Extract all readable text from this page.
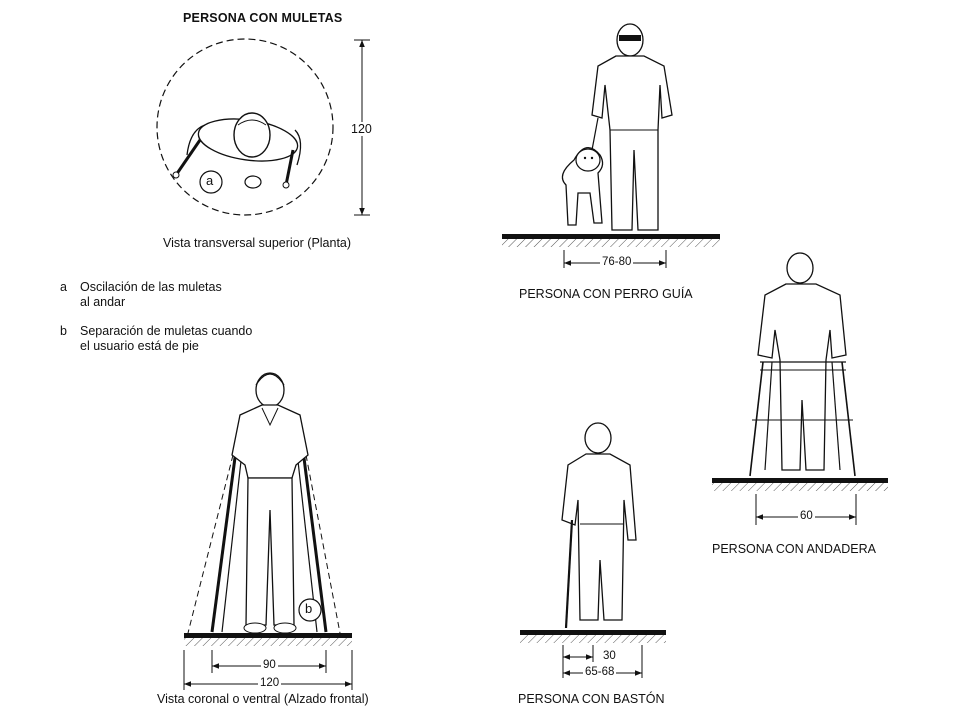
PERSONA CON MULETAS
Vista transversal superior (Planta)
120
a
b
a Oscilación de las muletas
al andar
b Separación de muletas cuando
el usuario está de pie
90
120
Vista coronal o ventral (Alzado frontal)
76-80
PERSONA CON PERRO GUÍA
60
PERSONA CON ANDADERA
30
65-68
PERSONA CON BASTÓN
